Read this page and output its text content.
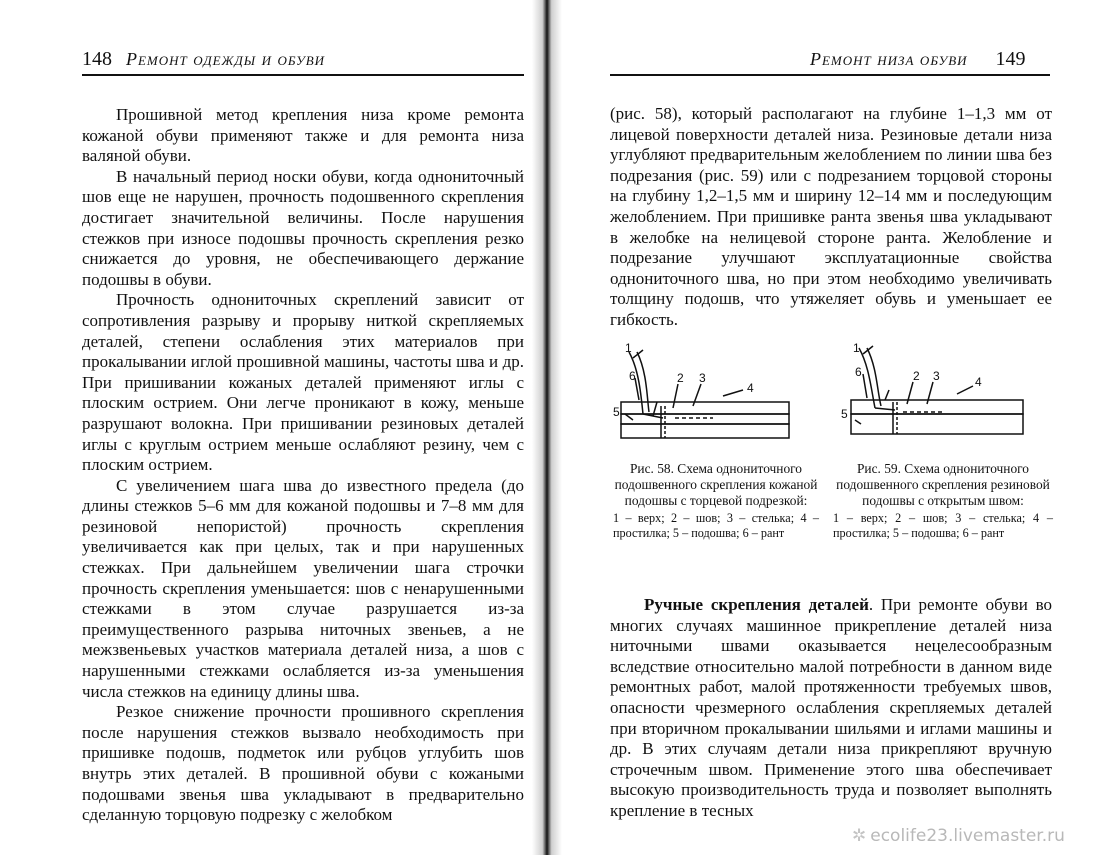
148 Ремонт одежды и обуви

Прошивной метод крепления низа кроме ремонта кожаной обуви применяют также и для ремонта низа валяной обуви.

В начальный период носки обуви, когда однониточный шов еще не нарушен, прочность подошвенного скрепления достигает значительной величины. После нарушения стежков при износе подошвы прочность скрепления резко снижается до уровня, не обеспечивающего держание подошвы в обуви.

Прочность однониточных скреплений зависит от сопротивления разрыву и прорыву ниткой скрепляемых деталей, степени ослабления этих материалов при прокалывании иглой прошивной машины, частоты шва и др. При пришивании кожаных деталей применяют иглы с плоским острием. Они легче проникают в кожу, меньше разрушают волокна. При пришивании резиновых деталей иглы с круглым острием меньше ослабляют резину, чем с плоским острием.

С увеличением шага шва до известного предела (до длины стежков 5–6 мм для кожаной подошвы и 7–8 мм для резиновой непористой) прочность скрепления увеличивается как при целых, так и при нарушенных стежках. При дальнейшем увеличении шага строчки прочность скрепления уменьшается: шов с ненарушенными стежками в этом случае разрушается из-за преимущественного разрыва ниточных звеньев, а не межзвеньевых участков материала деталей низа, а шов с нарушенными стежками ослабляется из-за уменьшения числа стежков на единицу длины шва.

Резкое снижение прочности прошивного скрепления после нарушения стежков вызвало необходимость при пришивке подошв, подметок или рубцов углубить шов внутрь этих деталей. В прошивной обуви с кожаными подошвами звенья шва укладывают в предварительно сделанную торцовую подрезку с желобком

Ремонт низа обуви 149

(рис. 58), который располагают на глубине 1–1,3 мм от лицевой поверхности деталей низа. Резиновые детали низа углубляют предварительным желоблением по линии шва без подрезания (рис. 59) или с подрезанием торцовой стороны на глубину 1,2–1,5 мм и ширину 12–14 мм и последующим желоблением. При пришивке ранта звенья шва укладывают в желобке на нелицевой стороне ранта. Желобление и подрезание улучшают эксплуатационные свойства однониточного шва, но при этом необходимо увеличивать толщину подошв, что утяжеляет обувь и уменьшает ее гибкость.

1
6	2 3
4
5
Рис. 58. Схема однониточного подошвенного скрепления кожаной подошвы с торцевой подрезкой:
1 – верх; 2 – шов; 3 – стелька; 4 – простилка; 5 – подошва; 6 – рант
1
6	2 3	4
5
Рис. 59. Схема однониточного подошвенного скрепления резиновой подошвы с открытым швом:
1 – верх; 2 – шов; 3 – стелька; 4 – простилка; 5 – подошва; 6 – рант

Ручные скрепления деталей. При ремонте обуви во многих случаях машинное прикрепление деталей низа ниточными швами оказывается нецелесообразным вследствие относительно малой потребности в данном виде ремонтных работ, малой протяженности требуемых швов, опасности чрезмерного ослабления скрепляемых деталей при вторичном прокалывании шильями и иглами машины и др. В этих случаям детали низа прикрепляют вручную строчечным швом. Применение этого шва обеспечивает высокую производительность труда и позволяет выполнять крепление в тесных

✲ ecolife23.livemaster.ru
